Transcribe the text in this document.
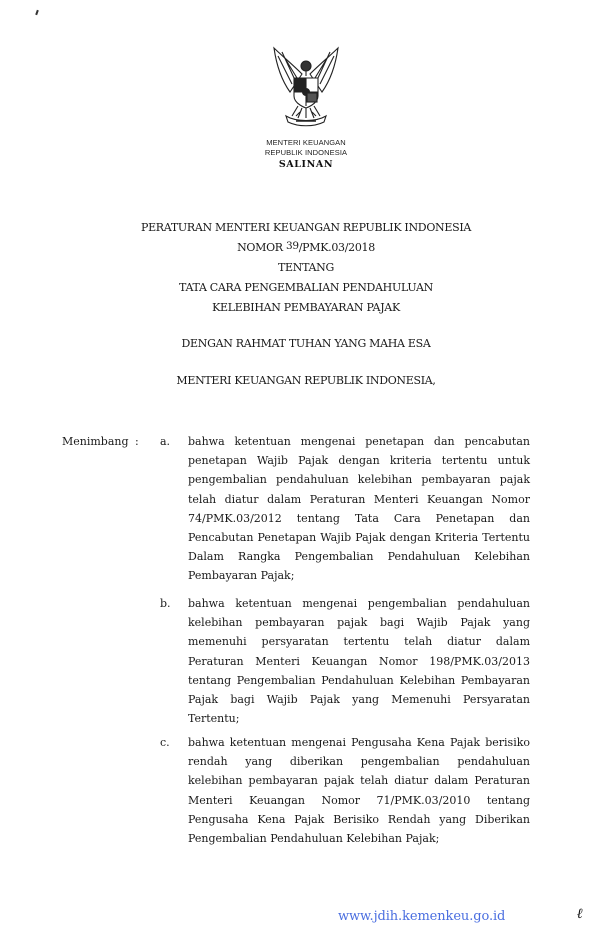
MENTERI KEUANGAN
REPUBLIK INDONESIA
SALINAN
PERATURAN MENTERI KEUANGAN REPUBLIK INDONESIA
NOMOR 39/PMK.03/2018
TENTANG
TATA CARA PENGEMBALIAN PENDAHULUAN
KELEBIHAN PEMBAYARAN PAJAK
DENGAN RAHMAT TUHAN YANG MAHA ESA
MENTERI KEUANGAN REPUBLIK INDONESIA,
Menimbang : a. bahwa ketentuan mengenai penetapan dan pencabutan penetapan Wajib Pajak dengan kriteria tertentu untuk pengembalian pendahuluan kelebihan pembayaran pajak telah diatur dalam Peraturan Menteri Keuangan Nomor 74/PMK.03/2012 tentang Tata Cara Penetapan dan Pencabutan Penetapan Wajib Pajak dengan Kriteria Tertentu Dalam Rangka Pengembalian Pendahuluan Kelebihan Pembayaran Pajak;
b. bahwa ketentuan mengenai pengembalian pendahuluan kelebihan pembayaran pajak bagi Wajib Pajak yang memenuhi persyaratan tertentu telah diatur dalam Peraturan Menteri Keuangan Nomor 198/PMK.03/2013 tentang Pengembalian Pendahuluan Kelebihan Pembayaran Pajak bagi Wajib Pajak yang Memenuhi Persyaratan Tertentu;
c. bahwa ketentuan mengenai Pengusaha Kena Pajak berisiko rendah yang diberikan pengembalian pendahuluan kelebihan pembayaran pajak telah diatur dalam Peraturan Menteri Keuangan Nomor 71/PMK.03/2010 tentang Pengusaha Kena Pajak Berisiko Rendah yang Diberikan Pengembalian Pendahuluan Kelebihan Pajak;
www.jdih.kemenkeu.go.id	ℓ
